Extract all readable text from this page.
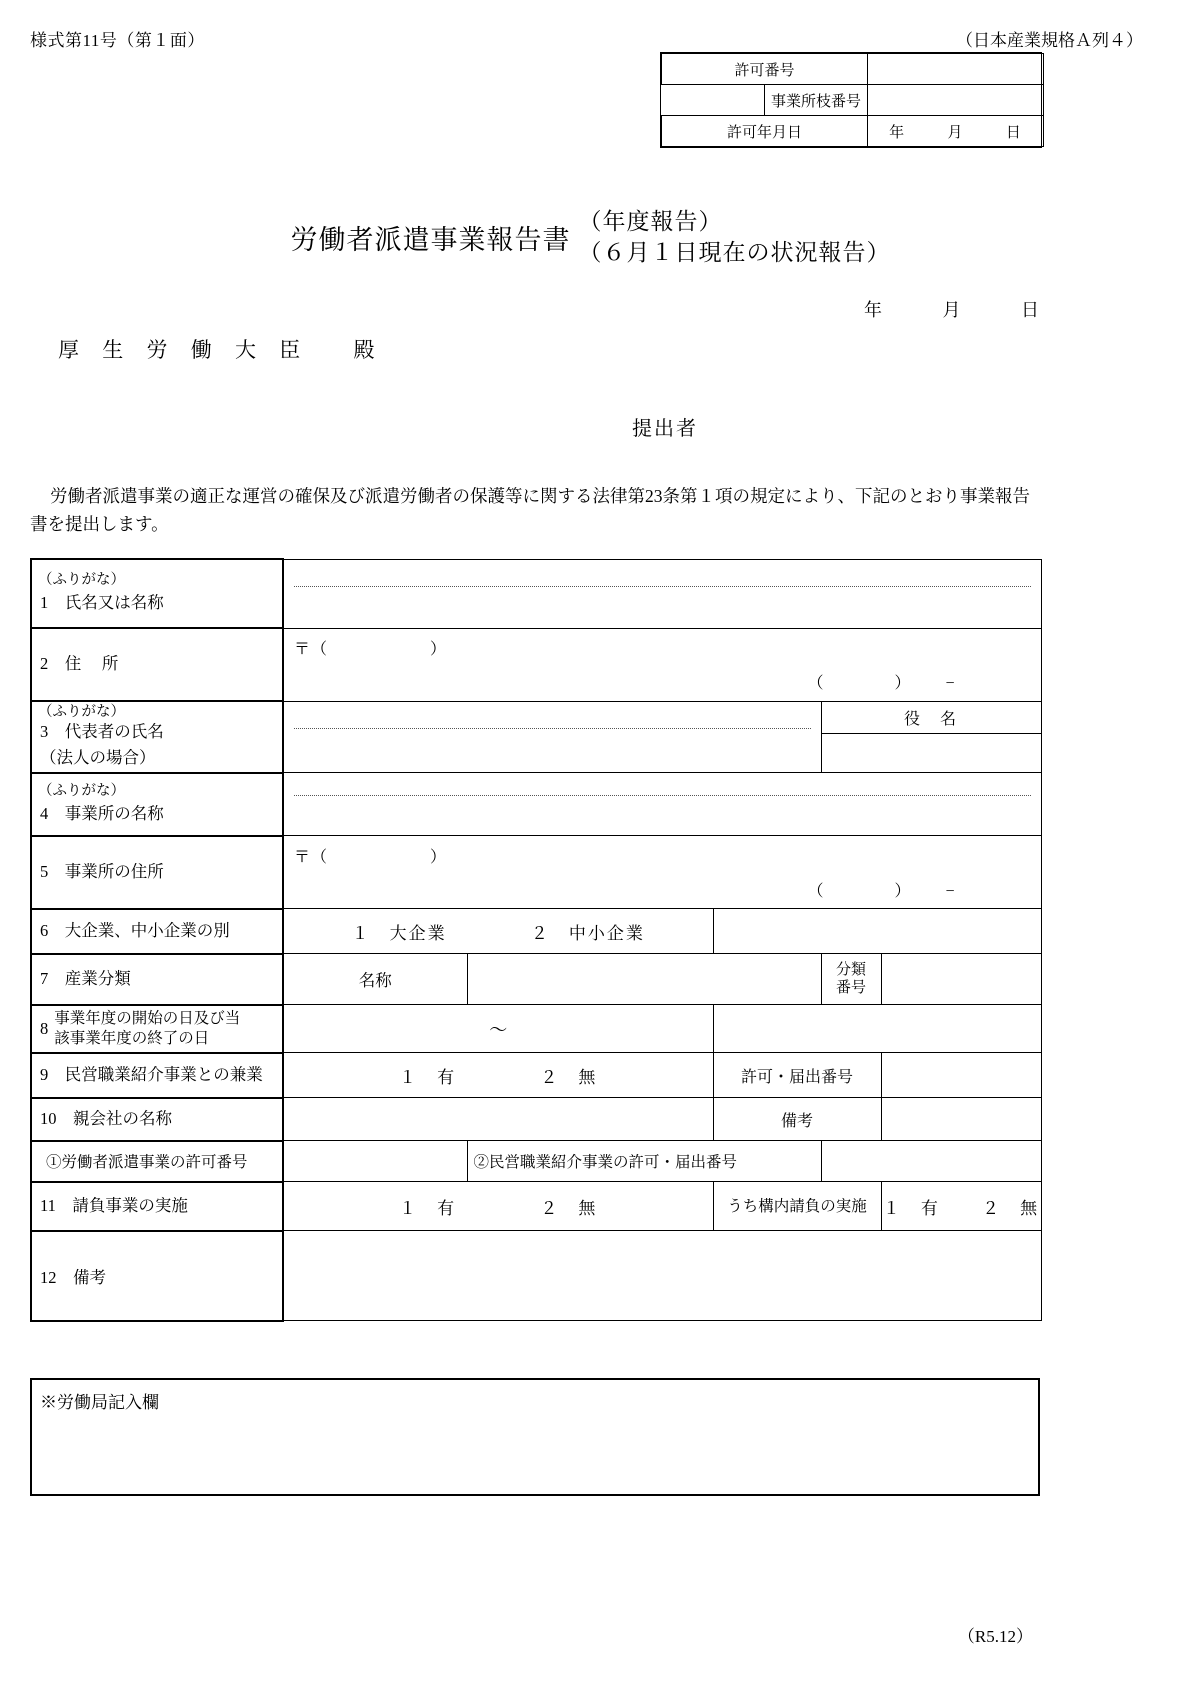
様式第11号（第１面）	（日本産業規格Ａ列４）
許可番号		
	事業所枝番号	
許可年月日		年 月 日
労働者派遣事業報告書
（年度報告）
（６月１日現在の状況報告）
年	月	日
厚 生 労 働 大 臣　 殿
提出者
労働者派遣事業の適正な運営の確保及び派遣労働者の保護等に関する法律第23条第１項の規定により、下記のとおり事業報告書を提出します。
（ふりがな）
1　氏名又は名称					

2　住　 所	〒（　　　　　　）				

	（ ） −				

（ふりがな）
3　代表者の氏名
（法人の場合）				役　名	

（ふりがな）
4　事業所の名称					

5　事業所の住所	〒（　　　　　　）				

	（ ） −				

6　大企業、中小企業の別	１　大企業 ２　中小企業				

7　産業分類	名称			分類
番号	

8
事業年度の開始の日及び当
該事業年度の終了の日	〜				

9　民営職業紹介事業との兼業	１　有 ２　無		許可・届出番号		

10　親会社の名称			備考		

①労働者派遣事業の許可番号		②民営職業紹介事業の許可・届出番号			

11　請負事業の実施	１　有 ２　無		うち構内請負の実施		１　有 ２　無

12　備考					

※労働局記入欄
（R5.12）
